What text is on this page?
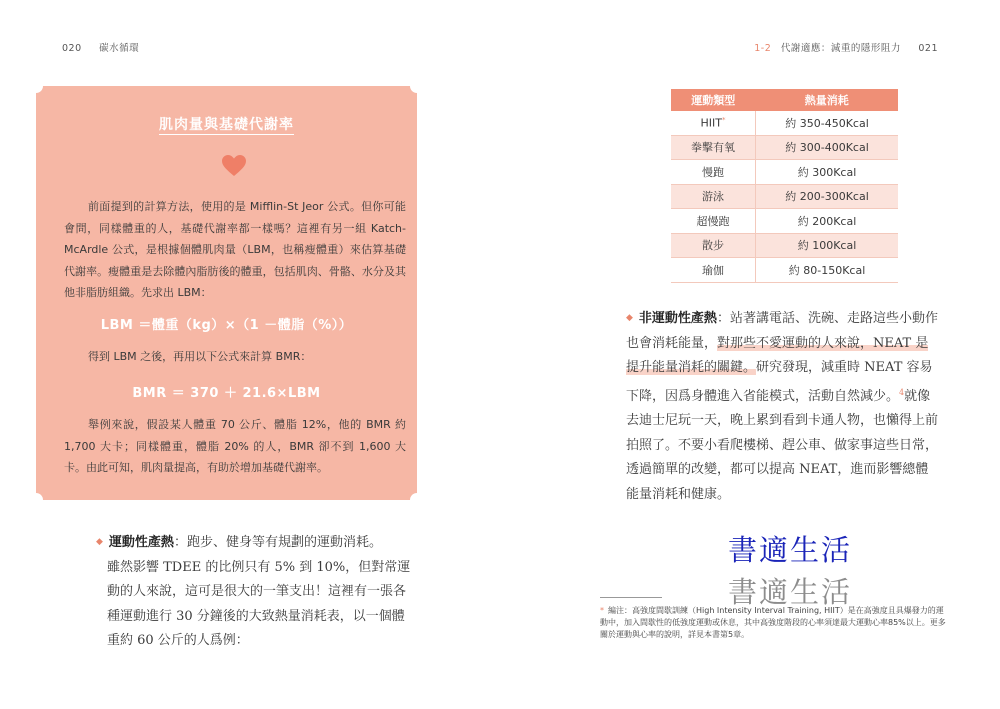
020 碳水循環	1-2 代謝適應：減重的隱形阻力 021
肌肉量與基礎代謝率
前面提到的計算方法，使用的是 Mifflin-St Jeor 公式。但你可能會問，同樣體重的人，基礎代謝率都一樣嗎？這裡有另一組 Katch-McArdle 公式，是根據個體肌肉量（LBM，也稱瘦體重）來估算基礎代謝率。瘦體重是去除體內脂肪後的體重，包括肌肉、骨骼、水分及其他非脂肪組織。先求出 LBM：
LBM ＝體重（kg）×（1 －體脂（%））
得到 LBM 之後，再用以下公式來計算 BMR：
BMR ＝ 370 ＋ 21.6×LBM
舉例來說，假設某人體重 70 公斤、體脂 12%，他的 BMR 約 1,700 大卡；同樣體重，體脂 20% 的人，BMR 卻不到 1,600 大卡。由此可知，肌肉量提高，有助於增加基礎代謝率。
◆ 運動性產熱：跑步、健身等有規劃的運動消耗。
雖然影響 TDEE 的比例只有 5% 到 10%，但對常運動的人來說，這可是很大的一筆支出！這裡有一張各種運動進行 30 分鐘後的大致熱量消耗表，以一個體重約 60 公斤的人爲例：
運動類型	熱量消耗
HIIT*	約 350-450Kcal
拳擊有氧	約 300-400Kcal
慢跑	約 300Kcal
游泳	約 200-300Kcal
超慢跑	約 200Kcal
散步	約 100Kcal
瑜伽	約 80-150Kcal
◆ 非運動性產熱：站著講電話、洗碗、走路這些小動作也會消耗能量，對那些不愛運動的人來說，NEAT 是提升能量消耗的關鍵。研究發現，減重時 NEAT 容易下降，因爲身體進入省能模式，活動自然減少。$^4$就像去迪士尼玩一天，晚上累到看到卡通人物，也懶得上前拍照了。不要小看爬樓梯、趕公車、做家事這些日常，透過簡單的改變，都可以提高 NEAT，進而影響總體能量消耗和健康。
書適生活
書適生活
* 編注：高強度間歇訓練（High Intensity Interval Training, HIIT）是在高強度且具爆發力的運動中，加入間歇性的低強度運動或休息，其中高強度階段的心率須達最大運動心率85%以上。更多關於運動與心率的說明，詳見本書第5章。
